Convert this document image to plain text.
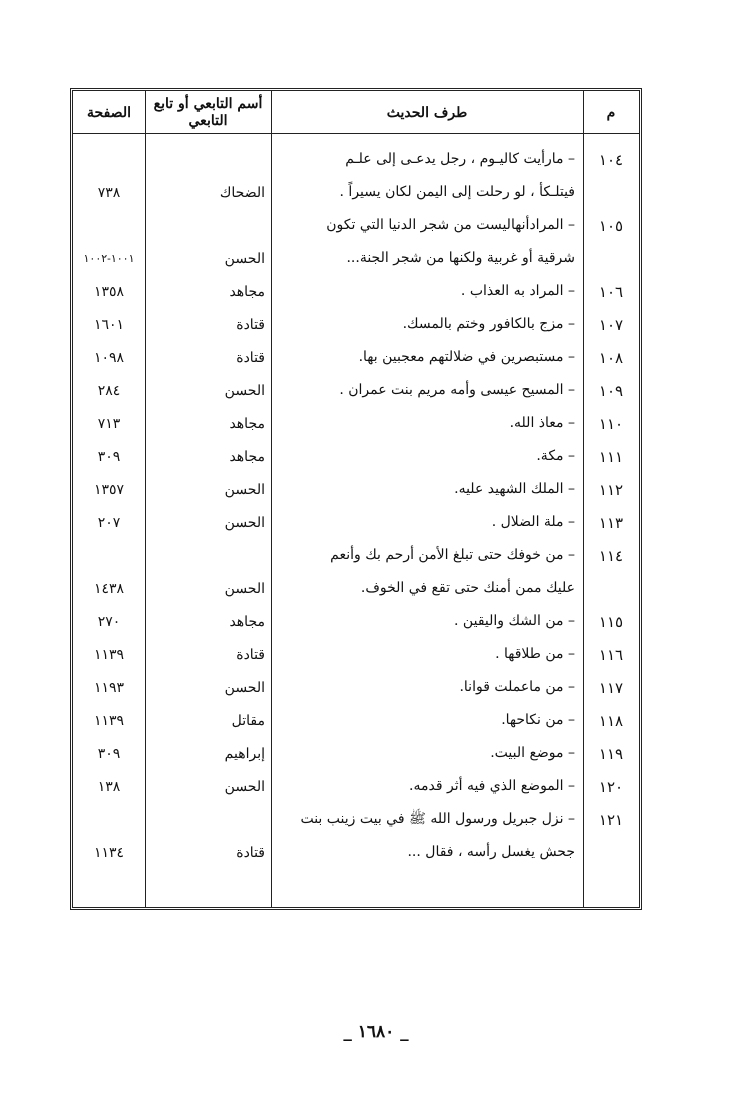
الصفحة
أسم التابعي أو تابع التابعي
طرف الحديث	م
١٠٤
– مارأيت كاليـوم ، رجل يدعـى إلى علـم
فيتلـكأ ، لو رحلت إلى اليمن لكان يسيراً .
الضحاك
٧٣٨
١٠٥
– المرادأنهاليست من شجر الدنيا التي تكون
شرقية أو غربية ولكنها من شجر الجنة...
الحسن
١٠٠١-١٠٠٢
١٠٦
– المراد به العذاب .
مجاهد
١٣٥٨
١٠٧
– مزج بالكافور وختم بالمسك.
قتادة
١٦٠١
١٠٨
– مستبصرين في ضلالتهم معجبين بها.
قتادة
١٠٩٨
١٠٩
– المسيح عيسى وأمه مريم بنت عمران .
الحسن
٢٨٤
١١٠
– معاذ الله.
مجاهد
٧١٣
١١١
– مكة.
مجاهد
٣٠٩
١١٢
– الملك الشهيد عليه.
الحسن
١٣٥٧
١١٣
– ملة الضلال .
الحسن
٢٠٧
١١٤
– من خوفك حتى تبلغ الأمن أرحم بك وأنعم
عليك ممن أمنك حتى تقع في الخوف.
الحسن
١٤٣٨
١١٥
– من الشك واليقين .
مجاهد
٢٧٠
١١٦
– من طلاقها .
قتادة
١١٣٩
١١٧
– من ماعملت قوانا.
الحسن
١١٩٣
١١٨
– من نكاحها.
مقاتل
١١٣٩
١١٩
– موضع البيت.
إبراهيم
٣٠٩
١٢٠
– الموضع الذي فيه أثر قدمه.
الحسن
١٣٨
١٢١
– نزل جبريل ورسول الله ﷺ في بيت زينب بنت
جحش يغسل رأسه ، فقال ...
قتادة
١١٣٤
_ ١٦٨٠ _
